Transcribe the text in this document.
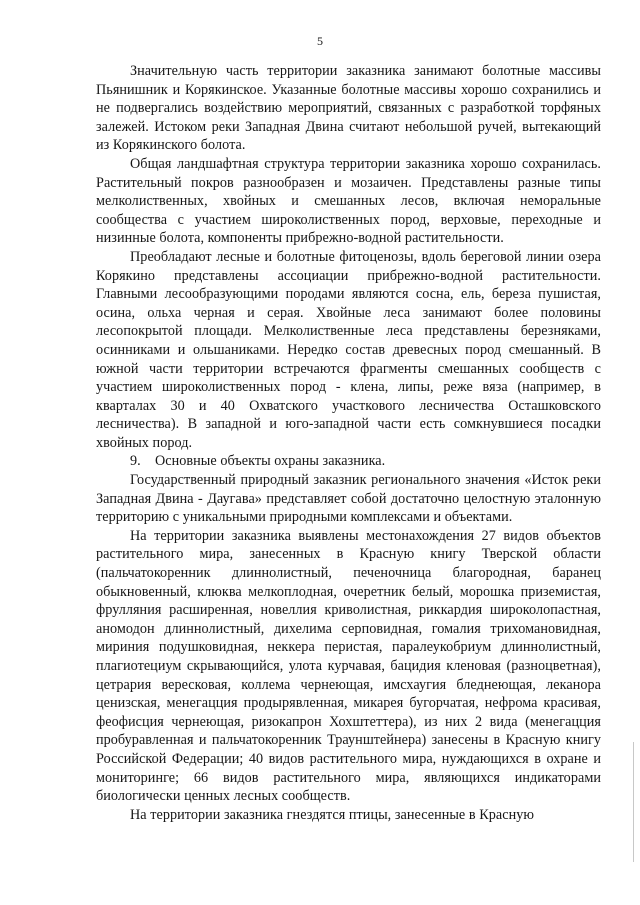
5

Значительную часть территории заказника занимают болотные массивы Пьянишник и Корякинское. Указанные болотные массивы хорошо сохранились и не подвергались воздействию мероприятий, связанных с разработкой торфяных залежей. Истоком реки Западная Двина считают небольшой ручей, вытекающий из Корякинского болота.

Общая ландшафтная структура территории заказника хорошо сохранилась. Растительный покров разнообразен и мозаичен. Представлены разные типы мелколиственных, хвойных и смешанных лесов, включая неморальные сообщества с участием широколиственных пород, верховые, переходные и низинные болота, компоненты прибрежно-водной растительности.

Преобладают лесные и болотные фитоценозы, вдоль береговой линии озера Корякино представлены ассоциации прибрежно-водной растительности. Главными лесообразующими породами являются сосна, ель, береза пушистая, осина, ольха черная и серая. Хвойные леса занимают более половины лесопокрытой площади. Мелколиственные леса представлены березняками, осинниками и ольшаниками. Нередко состав древесных пород смешанный. В южной части территории встречаются фрагменты смешанных сообществ с участием широколиственных пород - клена, липы, реже вяза (например, в кварталах 30 и 40 Охватского участкового лесничества Осташковского лесничества). В западной и юго-западной части есть сомкнувшиеся посадки хвойных пород.

9. Основные объекты охраны заказника.

Государственный природный заказник регионального значения «Исток реки Западная Двина - Даугава» представляет собой достаточно целостную эталонную территорию с уникальными природными комплексами и объектами.

На территории заказника выявлены местонахождения 27 видов объектов растительного мира, занесенных в Красную книгу Тверской области (пальчатокоренник длиннолистный, печеночница благородная, баранец обыкновенный, клюква мелкоплодная, очеретник белый, морошка приземистая, фрулляния расширенная, новеллия криволистная, риккардия широколопастная, аномодон длиннолистный, дихелима серповидная, гомалия трихомановидная, мириния подушковидная, неккера перистая, паралеукобриум длиннолистный, плагиотециум скрывающийся, улота курчавая, бацидия кленовая (разноцветная), цетрария вересковая, коллема чернеющая, имсхаугия бледнеющая, леканора ценизская, менегацция продырявленная, микарея бугорчатая, нефрома красивая, феофисция чернеющая, ризокапрон Хохштеттера), из них 2 вида (менегацция пробуравленная и пальчатокоренник Траунштейнера) занесены в Красную книгу Российской Федерации; 40 видов растительного мира, нуждающихся в охране и мониторинге; 66 видов растительного мира, являющихся индикаторами биологически ценных лесных сообществ.

На территории заказника гнездятся птицы, занесенные в Красную
